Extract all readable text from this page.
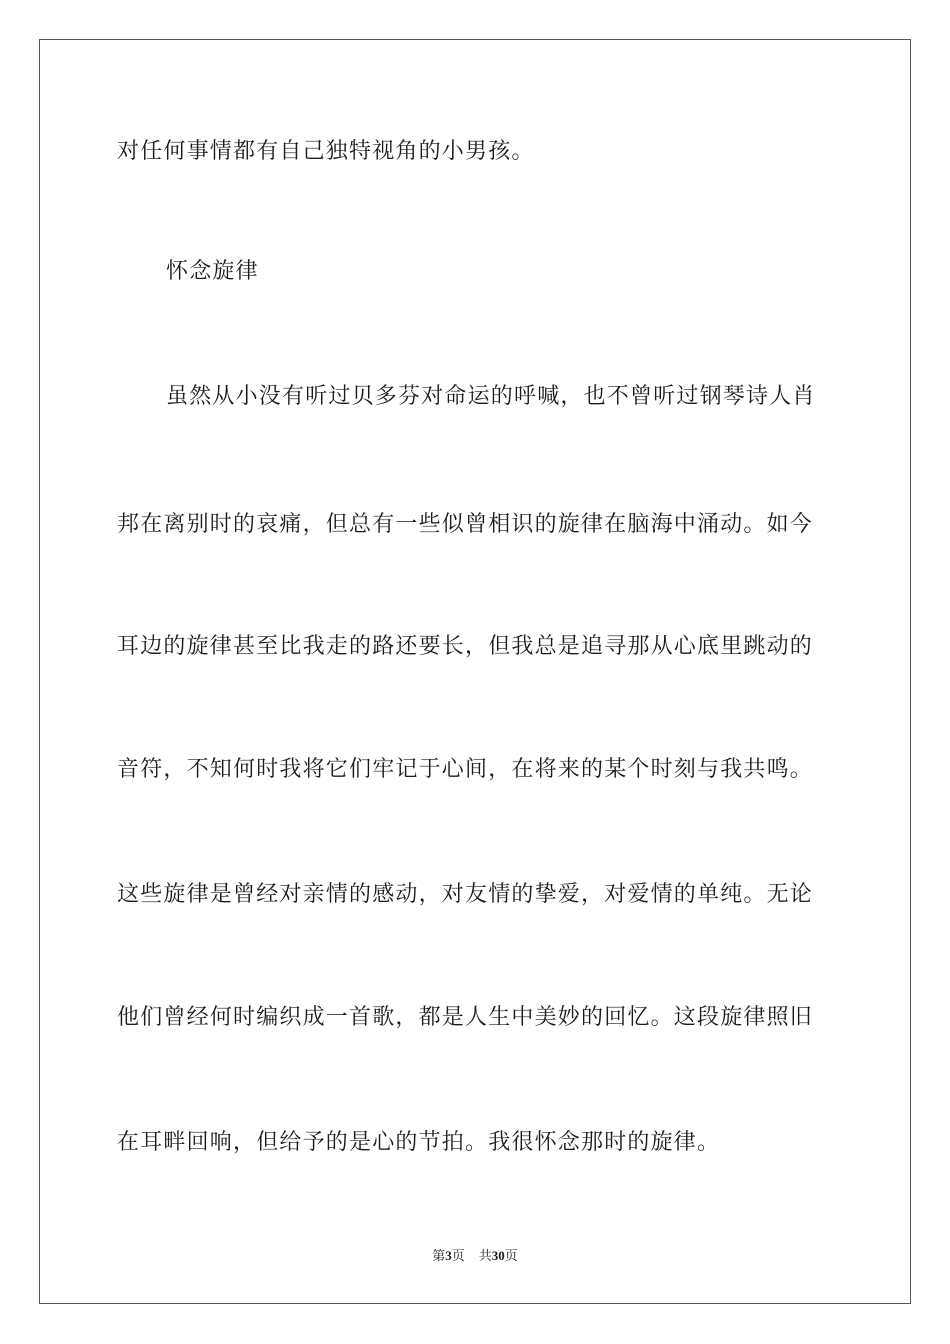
对任何事情都有自己独特视角的小男孩。
怀念旋律
虽然从小没有听过贝多芬对命运的呼喊，也不曾听过钢琴诗人肖
邦在离别时的哀痛，但总有一些似曾相识的旋律在脑海中涌动。如今
耳边的旋律甚至比我走的路还要长，但我总是追寻那从心底里跳动的
音符，不知何时我将它们牢记于心间，在将来的某个时刻与我共鸣。
这些旋律是曾经对亲情的感动，对友情的挚爱，对爱情的单纯。无论
他们曾经何时编织成一首歌，都是人生中美妙的回忆。这段旋律照旧
在耳畔回响，但给予的是心的节拍。我很怀念那时的旋律。
第3页 共30页
